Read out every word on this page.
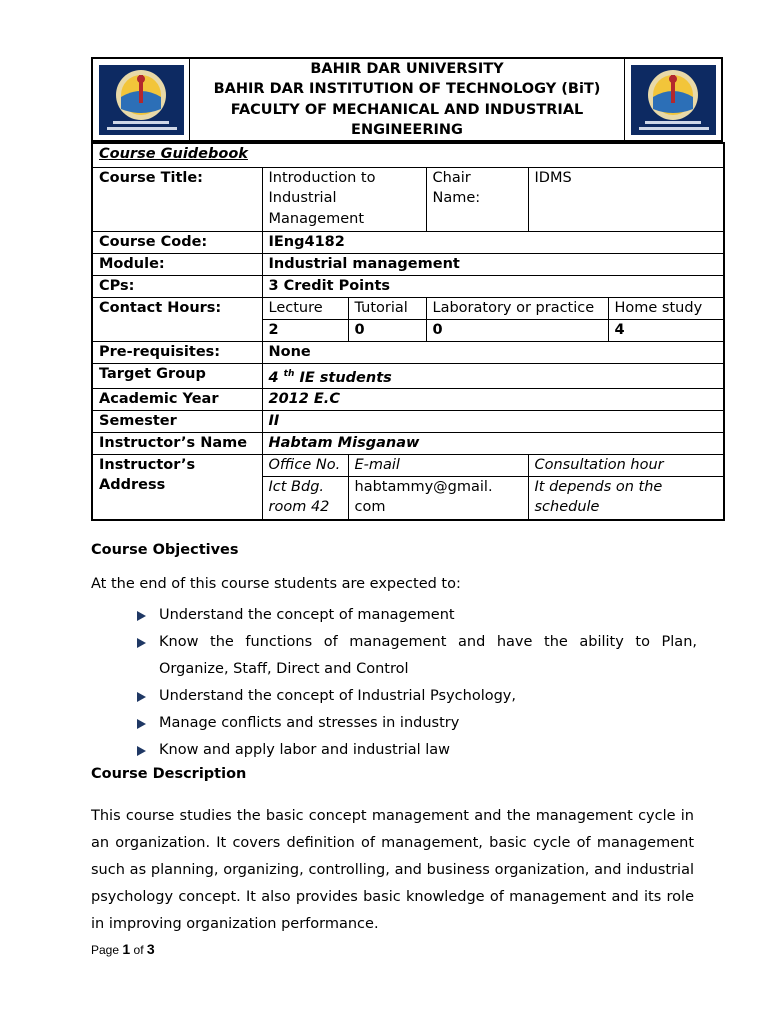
BAHIR DAR UNIVERSITY
BAHIR DAR INSTITUTION OF TECHNOLOGY (BiT)
FACULTY OF MECHANICAL AND INDUSTRIAL
ENGINEERING
Course Guidebook					
Course Title:	Introduction to Industrial Management		Chair Name:	IDMS	
Course Code:	IEng4182				
Module:	Industrial management				
CPs:	3 Credit Points				
Contact Hours:	Lecture	Tutorial	Laboratory or practice		Home study
	2	0	0		4
Pre-requisites:	None				
Target Group	4 $^{th}$ IE students				
Academic Year	2012 E.C				
Semester	II				
Instructor’s Name	Habtam Misganaw				
Instructor’s Address	Office No.	E-mail		Consultation hour	
	Ict Bdg. room 42	habtammy@gmail. com		It depends on the schedule	
Course Objectives
At the end of this course students are expected to:
Understand the concept of management
Know the functions of management and have the ability to Plan, Organize, Staff, Direct and Control
Understand the concept of Industrial Psychology,
Manage conflicts and stresses in industry
Know and apply labor and industrial law
Course Description
This course studies the basic concept management and the management cycle in an organization. It covers definition of management, basic cycle of management such as planning, organizing, controlling, and business organization, and industrial psychology concept. It also provides basic knowledge of management and its role in improving organization performance.
Page 1 of 3
